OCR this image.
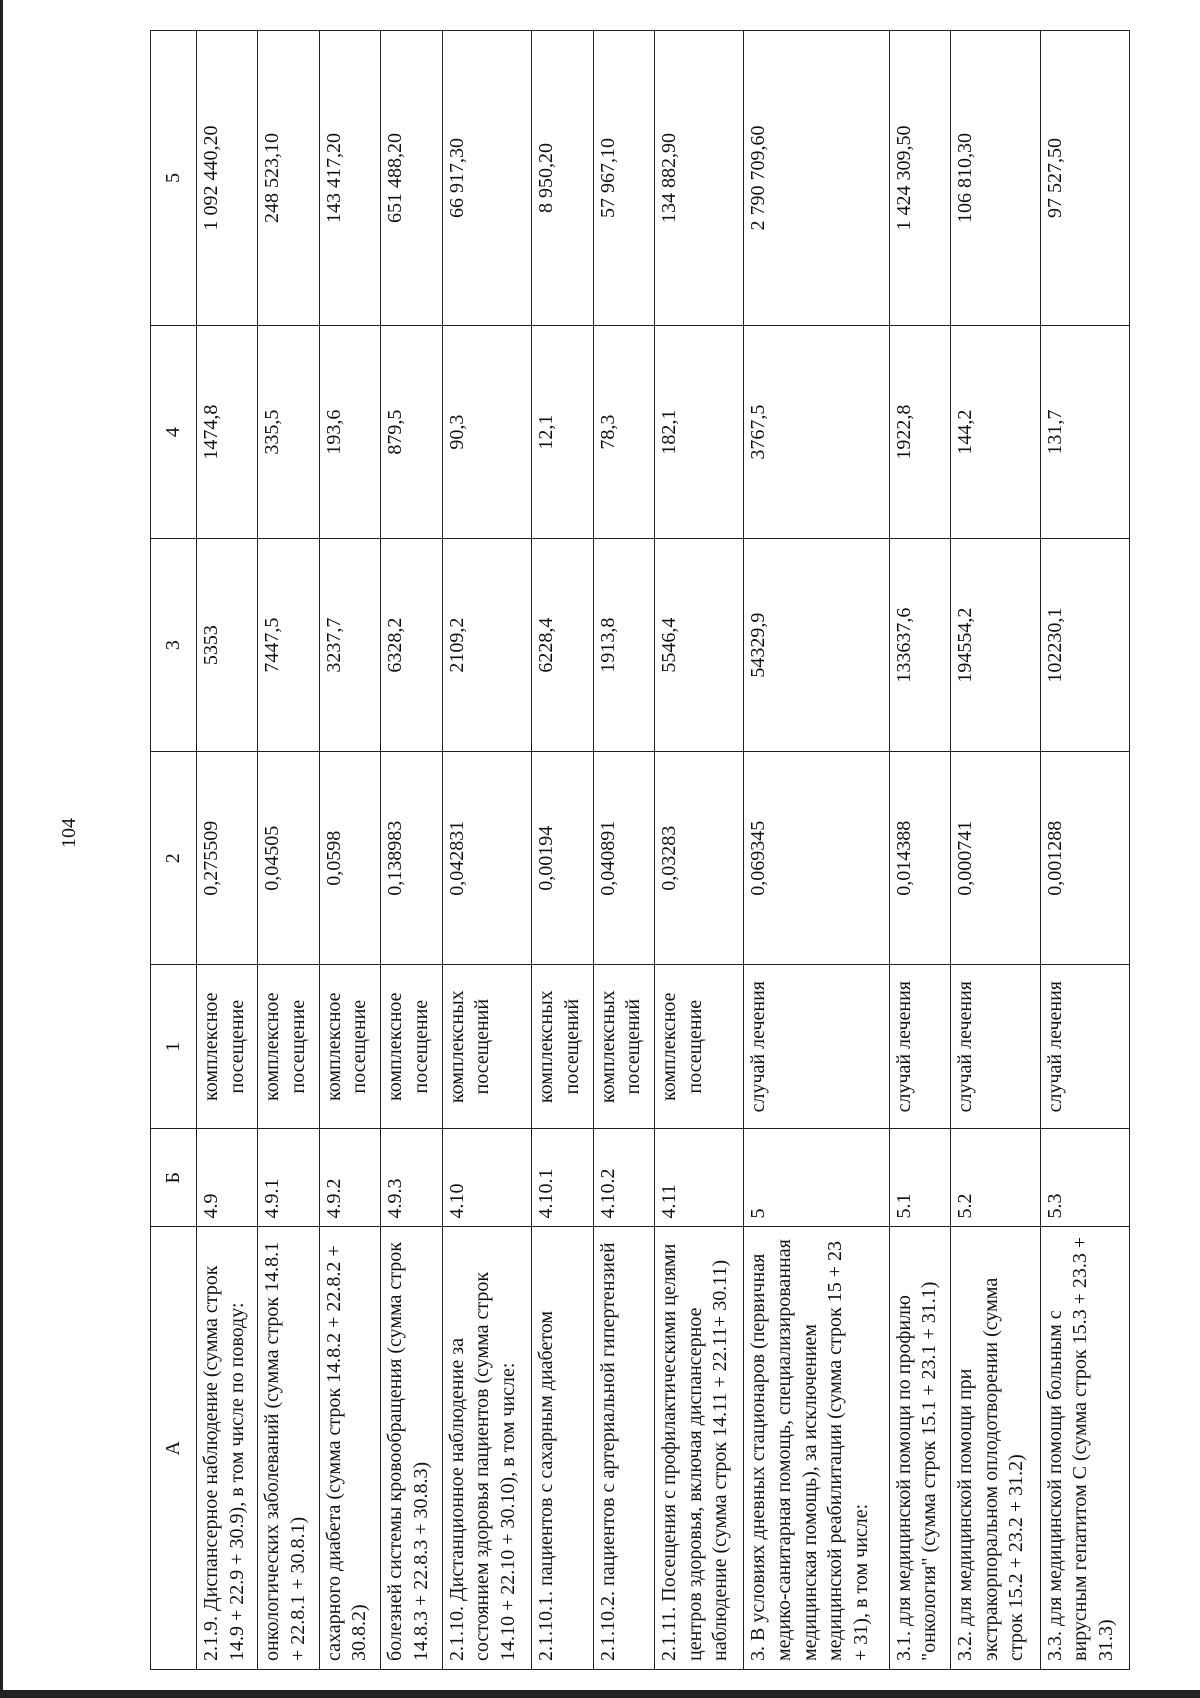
104
А	Б	1	2	3	4	5
2.1.9. Диспансерное наблюдение (сумма строк 14.9 + 22.9 + 30.9), в том числе по поводу:	4.9	комплексное посещение	0,275509	5353	1474,8	1 092 440,20
онкологических заболеваний (сумма строк 14.8.1 + 22.8.1 + 30.8.1)	4.9.1	комплексное посещение	0,04505	7447,5	335,5	248 523,10
сахарного диабета (сумма строк 14.8.2 + 22.8.2 + 30.8.2)	4.9.2	комплексное посещение	0,0598	3237,7	193,6	143 417,20
болезней системы кровообращения (сумма строк 14.8.3 + 22.8.3 + 30.8.3)	4.9.3	комплексное посещение	0,138983	6328,2	879,5	651 488,20
2.1.10. Дистанционное наблюдение за состоянием здоровья пациентов (сумма строк 14.10 + 22.10 + 30.10), в том числе:	4.10	комплексных посещений	0,042831	2109,2	90,3	66 917,30
2.1.10.1. пациентов с сахарным диабетом	4.10.1	комплексных посещений	0,00194	6228,4	12,1	8 950,20
2.1.10.2. пациентов с артериальной гипертензией	4.10.2	комплексных посещений	0,040891	1913,8	78,3	57 967,10
2.1.11. Посещения с профилактическими целями центров здоровья, включая диспансерное наблюдение (сумма строк 14.11 + 22.11+ 30.11)	4.11	комплексное посещение	0,03283	5546,4	182,1	134 882,90
3. В условиях дневных стационаров (первичная медико-санитарная помощь, специализированная медицинская помощь), за исключением медицинской реабилитации (сумма строк 15 + 23 + 31), в том числе:	5	случай лечения	0,069345	54329,9	3767,5	2 790 709,60
3.1. для медицинской помощи по профилю "онкология" (сумма строк 15.1 + 23.1 + 31.1)	5.1	случай лечения	0,014388	133637,6	1922,8	1 424 309,50
3.2. для медицинской помощи при экстракорпоральном оплодотворении (сумма строк 15.2 + 23.2 + 31.2)	5.2	случай лечения	0,000741	194554,2	144,2	106 810,30
3.3. для медицинской помощи больным с вирусным гепатитом С (сумма строк 15.3 + 23.3 + 31.3)	5.3	случай лечения	0,001288	102230,1	131,7	97 527,50
